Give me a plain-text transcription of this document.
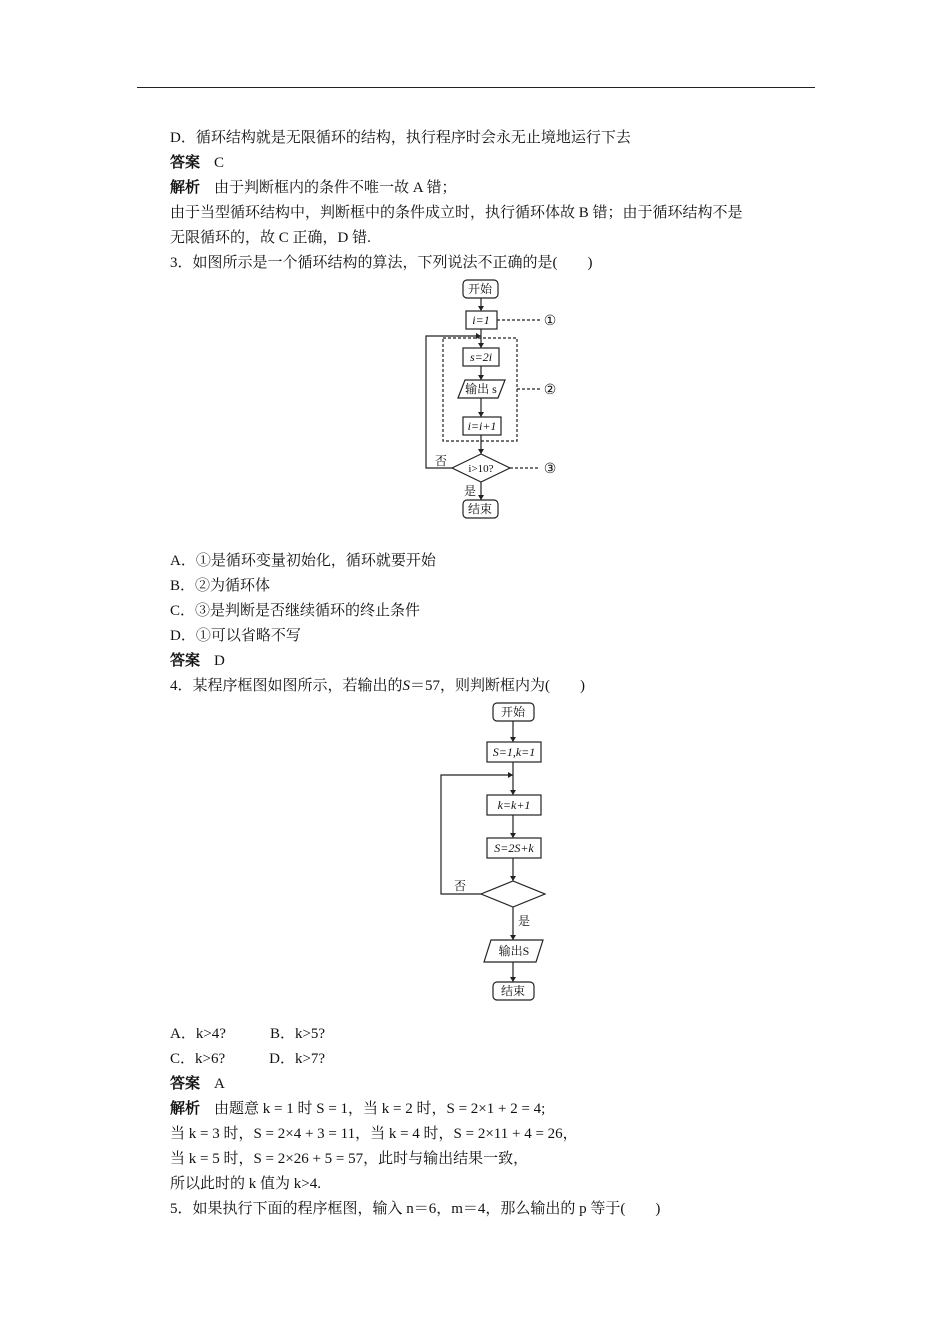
D．循环结构就是无限循环的结构，执行程序时会永无止境地运行下去
答案 C
解析 由于判断框内的条件不唯一故 A 错；
由于当型循环结构中，判断框中的条件成立时，执行循环体故 B 错；由于循环结构不是
无限循环的，故 C 正确，D 错.
3．如图所示是一个循环结构的算法，下列说法不正确的是(　　)
开始
i=1
s=2i
输出 s
i=i+1
i>10?
否
是
结束
①
②
③
A．①是循环变量初始化，循环就要开始
B．②为循环体
C．③是判断是否继续循环的终止条件
D．①可以省略不写
答案 D
4．某程序框图如图所示，若输出的S＝57，则判断框内为(　　)
开始
S=1,k=1
k=k+1
S=2S+k
否
是
输出S
结束
A．k>4?	B．k>5?
C．k>6?	D．k>7?
答案 A
解析 由题意 k = 1 时 S = 1，当 k = 2 时，S = 2×1 + 2 = 4;
当 k = 3 时，S = 2×4 + 3 = 11，当 k = 4 时，S = 2×11 + 4 = 26，
当 k = 5 时，S = 2×26 + 5 = 57，此时与输出结果一致，
所以此时的 k 值为 k>4.
5．如果执行下面的程序框图，输入 n＝6，m＝4，那么输出的 p 等于(　　)
